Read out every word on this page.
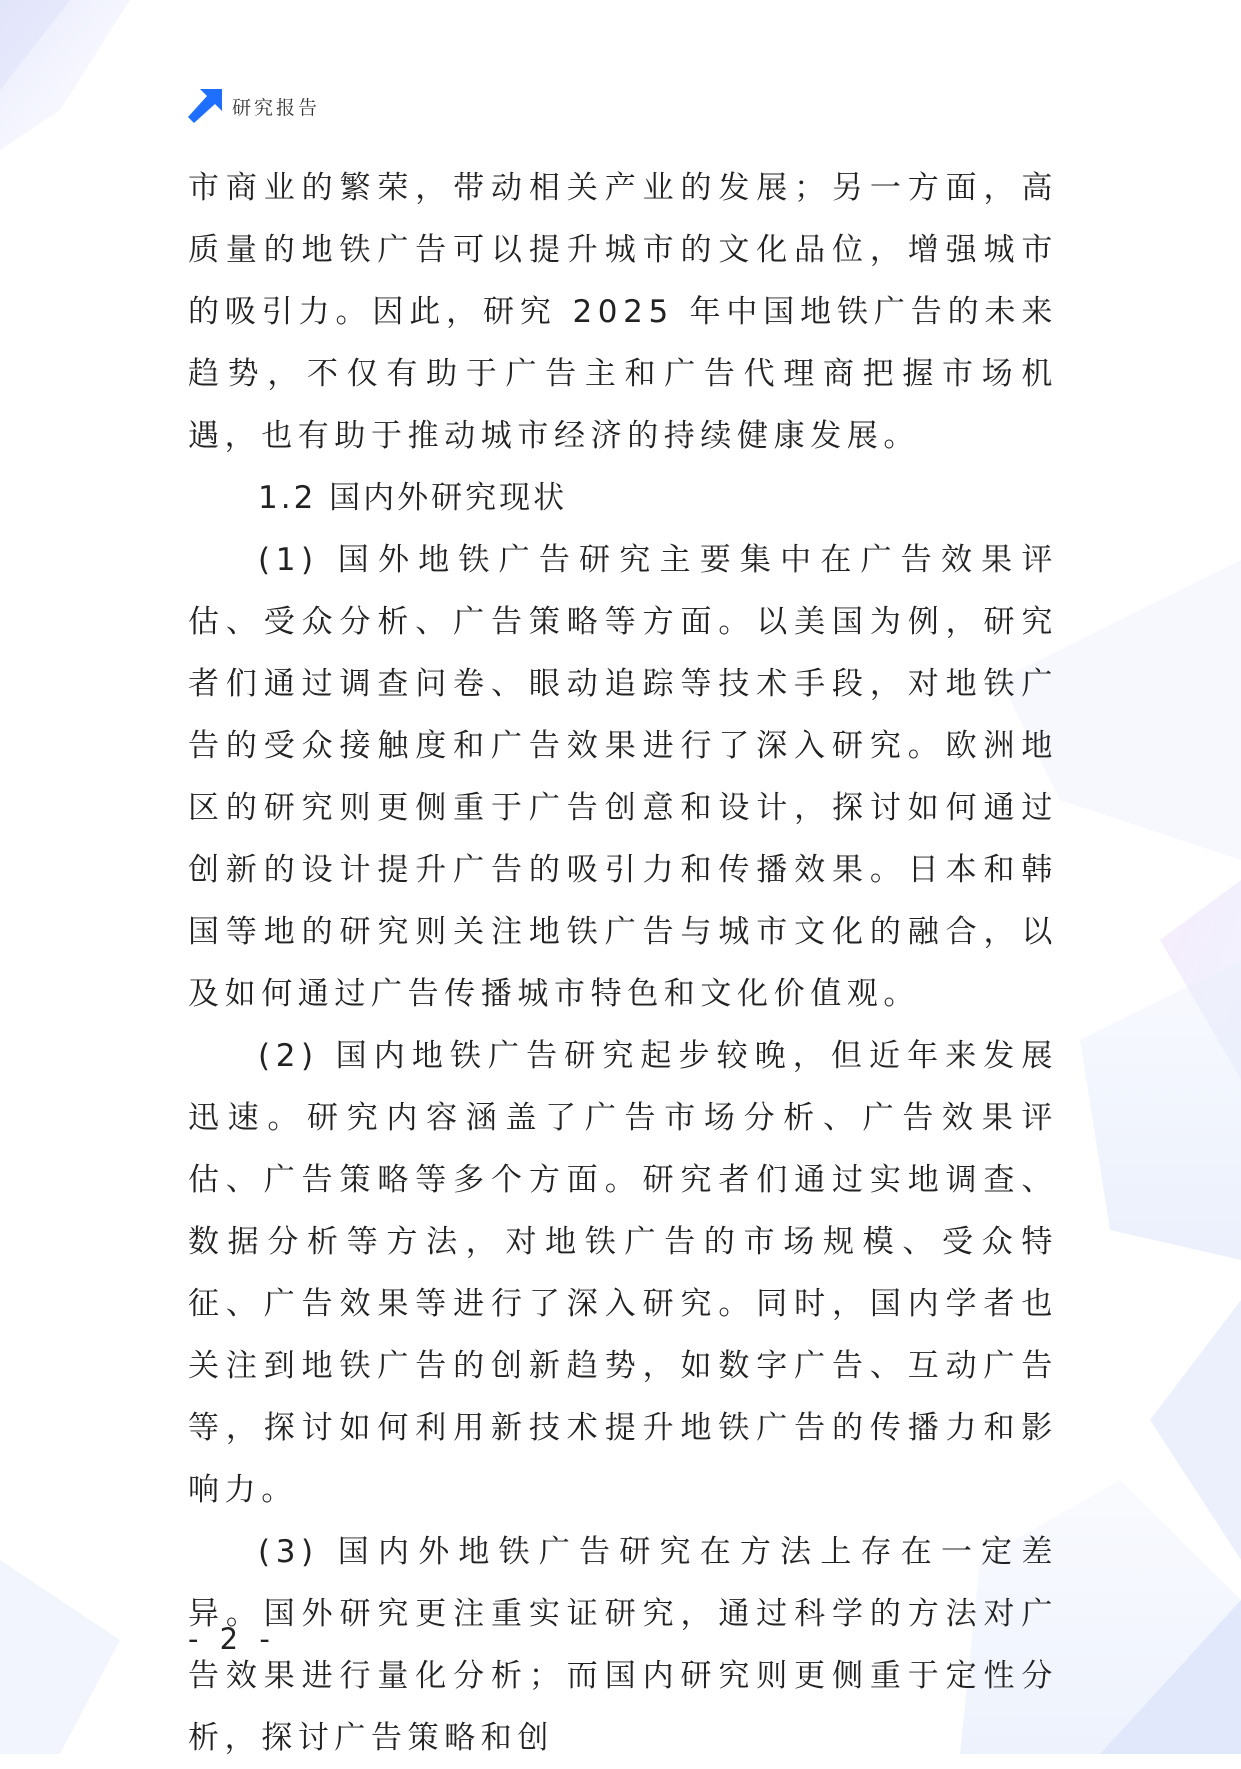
研究报告

市商业的繁荣，带动相关产业的发展；另一方面，高质量的地铁广告可以提升城市的文化品位，增强城市的吸引力。因此，研究 2025 年中国地铁广告的未来趋势，不仅有助于广告主和广告代理商把握市场机遇，也有助于推动城市经济的持续健康发展。

1.2 国内外研究现状

(1) 国外地铁广告研究主要集中在广告效果评估、受众分析、广告策略等方面。以美国为例，研究者们通过调查问卷、眼动追踪等技术手段，对地铁广告的受众接触度和广告效果进行了深入研究。欧洲地区的研究则更侧重于广告创意和设计，探讨如何通过创新的设计提升广告的吸引力和传播效果。日本和韩国等地的研究则关注地铁广告与城市文化的融合，以及如何通过广告传播城市特色和文化价值观。

(2) 国内地铁广告研究起步较晚，但近年来发展迅速。研究内容涵盖了广告市场分析、广告效果评估、广告策略等多个方面。研究者们通过实地调查、数据分析等方法，对地铁广告的市场规模、受众特征、广告效果等进行了深入研究。同时，国内学者也关注到地铁广告的创新趋势，如数字广告、互动广告等，探讨如何利用新技术提升地铁广告的传播力和影响力。

(3) 国内外地铁广告研究在方法上存在一定差异。国外研究更注重实证研究，通过科学的方法对广告效果进行量化分析；而国内研究则更侧重于定性分析，探讨广告策略和创

- 2 -
